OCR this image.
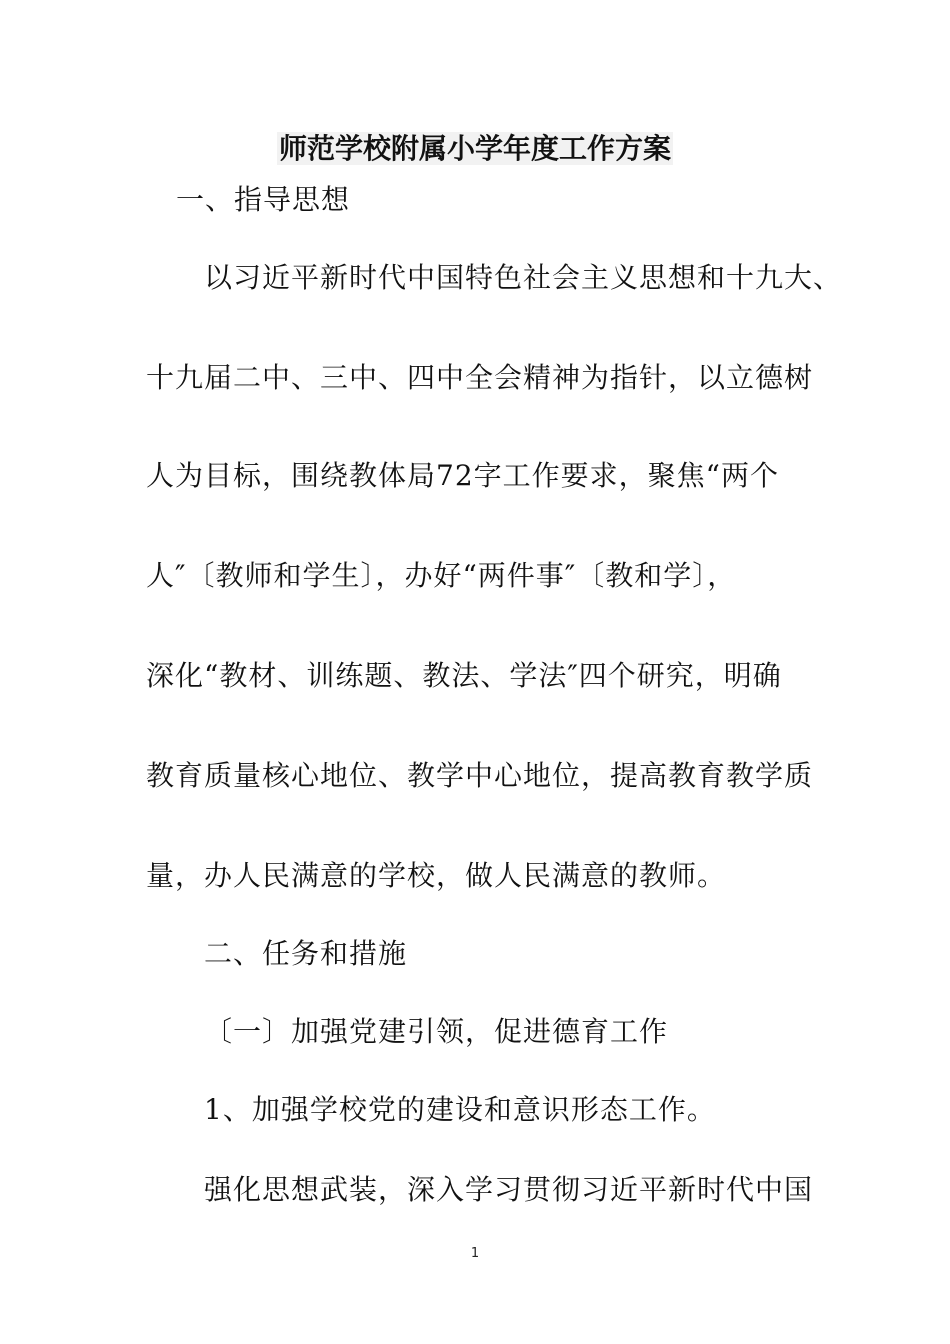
师范学校附属小学年度工作方案
一、指导思想
以习近平新时代中国特色社会主义思想和十九大、
十九届二中、三中、四中全会精神为指针，以立德树
人为目标，围绕教体局72字工作要求，聚焦“两个
人″〔教师和学生〕，办好“两件事″〔教和学〕，
深化“教材、训练题、教法、学法″四个研究，明确
教育质量核心地位、教学中心地位，提高教育教学质
量，办人民满意的学校，做人民满意的教师。
二、任务和措施
〔一〕加强党建引领，促进德育工作
1、加强学校党的建设和意识形态工作。
强化思想武装，深入学习贯彻习近平新时代中国
1
